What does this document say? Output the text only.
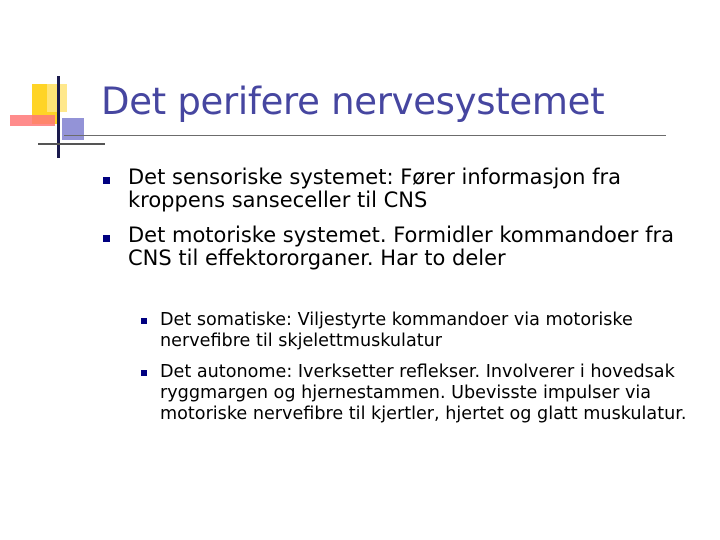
Det perifere nervesystemet
Det sensoriske systemet: Fører informasjon fra kroppens sanseceller til CNS
Det motoriske systemet. Formidler kommandoer fra CNS til effektororganer. Har to deler
Det somatiske: Viljestyrte kommandoer via motoriske nervefibre til skjelettmuskulatur
Det autonome: Iverksetter reflekser. Involverer i hovedsak ryggmargen og hjernestammen. Ubevisste impulser via motoriske nervefibre til kjertler, hjertet og glatt muskulatur.
